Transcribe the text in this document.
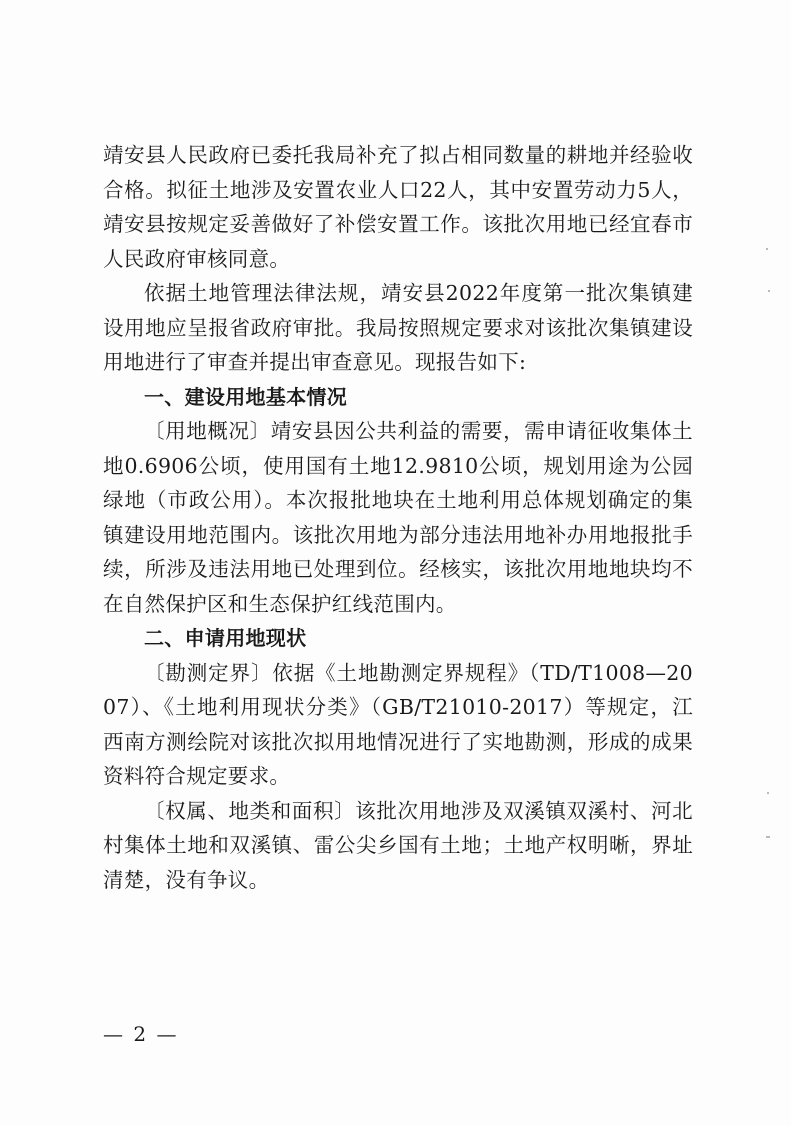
靖安县人民政府已委托我局补充了拟占相同数量的耕地并经验收合格。拟征土地涉及安置农业人口22人，其中安置劳动力5人，靖安县按规定妥善做好了补偿安置工作。该批次用地已经宜春市人民政府审核同意。

依据土地管理法律法规，靖安县2022年度第一批次集镇建设用地应呈报省政府审批。我局按照规定要求对该批次集镇建设用地进行了审查并提出审查意见。现报告如下:

一、建设用地基本情况

〔用地概况〕靖安县因公共利益的需要，需申请征收集体土地0.6906公顷，使用国有土地12.9810公顷，规划用途为公园绿地（市政公用）。本次报批地块在土地利用总体规划确定的集镇建设用地范围内。该批次用地为部分违法用地补办用地报批手续，所涉及违法用地已处理到位。经核实，该批次用地地块均不在自然保护区和生态保护红线范围内。

二、申请用地现状

〔勘测定界〕依据《土地勘测定界规程》（TD/T1008—2007）、《土地利用现状分类》（GB/T21010-2017）等规定，江西南方测绘院对该批次拟用地情况进行了实地勘测，形成的成果资料符合规定要求。

〔权属、地类和面积〕该批次用地涉及双溪镇双溪村、河北村集体土地和双溪镇、雷公尖乡国有土地；土地产权明晰，界址清楚，没有争议。

— 2 —
